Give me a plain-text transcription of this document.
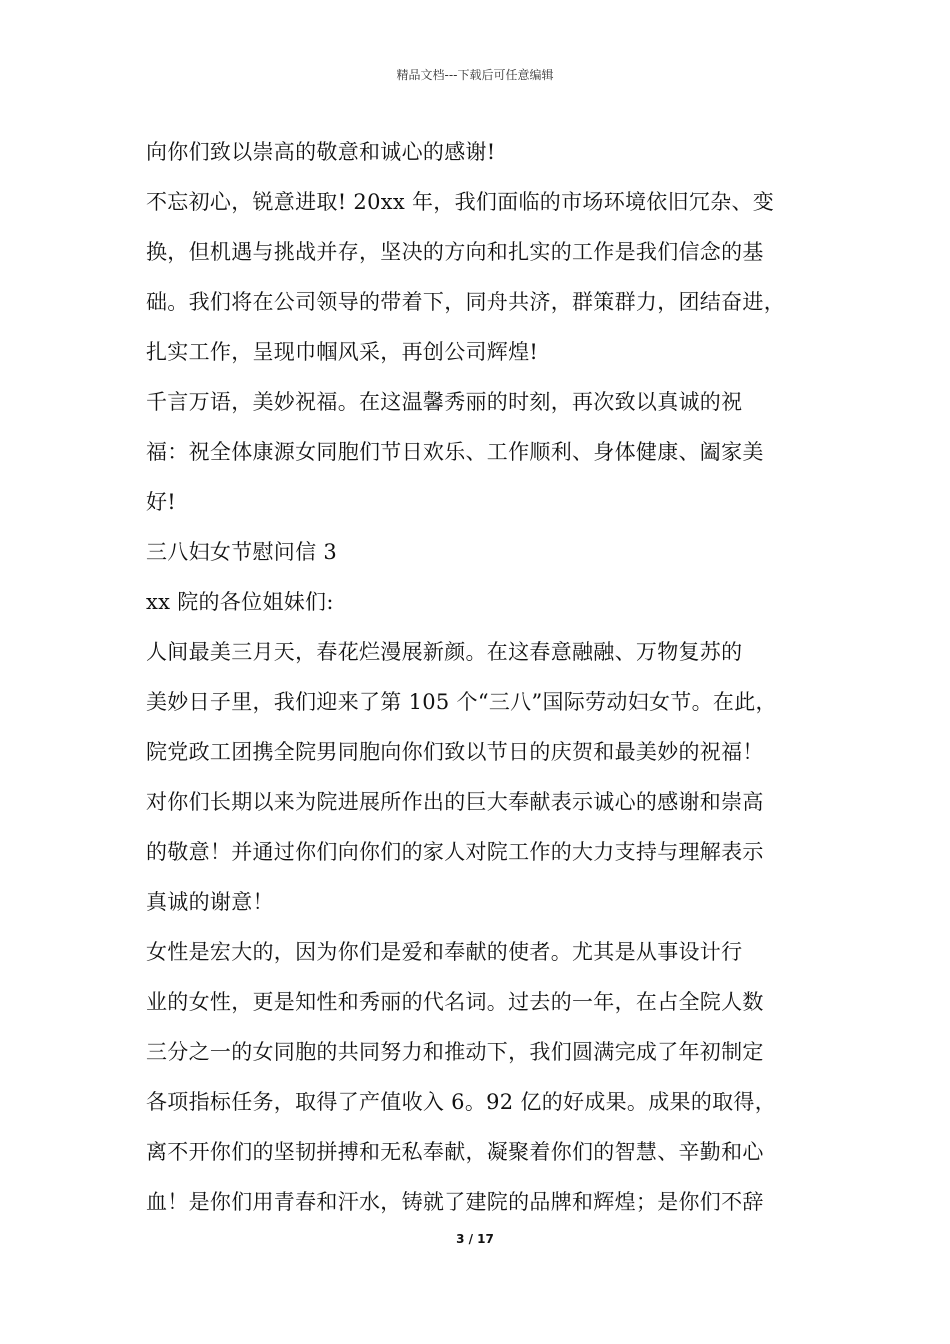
精品文档---下载后可任意编辑
向你们致以崇高的敬意和诚心的感谢!
不忘初心，锐意进取! 20xx 年，我们面临的市场环境依旧冗杂、变
换，但机遇与挑战并存，坚决的方向和扎实的工作是我们信念的基
础。我们将在公司领导的带着下，同舟共济，群策群力，团结奋进，
扎实工作，呈现巾帼风采，再创公司辉煌!
千言万语，美妙祝福。在这温馨秀丽的时刻，再次致以真诚的祝
福：祝全体康源女同胞们节日欢乐、工作顺利、身体健康、阖家美
好!
三八妇女节慰问信 3
xx 院的各位姐妹们:
人间最美三月天，春花烂漫展新颜。在这春意融融、万物复苏的
美妙日子里，我们迎来了第 105 个“三八”国际劳动妇女节。在此，
院党政工团携全院男同胞向你们致以节日的庆贺和最美妙的祝福！
对你们长期以来为院进展所作出的巨大奉献表示诚心的感谢和崇高
的敬意！并通过你们向你们的家人对院工作的大力支持与理解表示
真诚的谢意！
女性是宏大的，因为你们是爱和奉献的使者。尤其是从事设计行
业的女性，更是知性和秀丽的代名词。过去的一年，在占全院人数
三分之一的女同胞的共同努力和推动下，我们圆满完成了年初制定
各项指标任务，取得了产值收入 6。92 亿的好成果。成果的取得，
离不开你们的坚韧拼搏和无私奉献，凝聚着你们的智慧、辛勤和心
血！是你们用青春和汗水，铸就了建院的品牌和辉煌；是你们不辞
3 / 17
